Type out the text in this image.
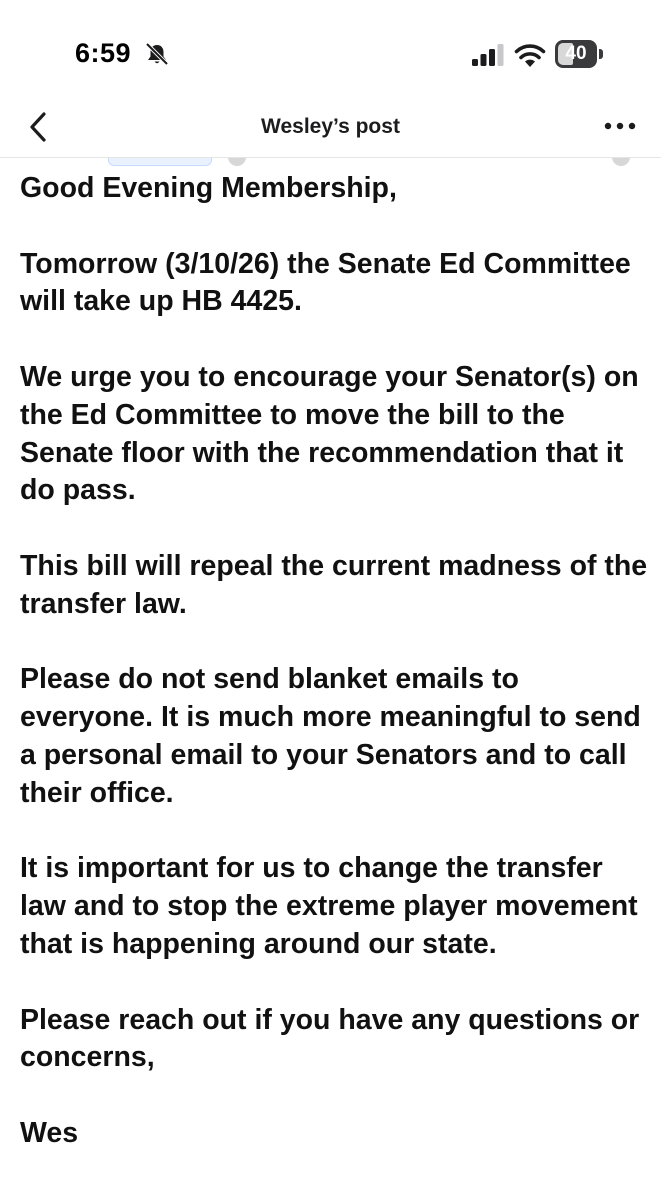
6:59	40
Wesley’s post

Good Evening Membership,

Tomorrow (3/10/26) the Senate Ed Committee will take up HB 4425.

We urge you to encourage your Senator(s) on the Ed Committee to move the bill to the Senate floor with the recommendation that it do pass.

This bill will repeal the current madness of the transfer law.

Please do not send blanket emails to everyone. It is much more meaningful to send a personal email to your Senators and to call their office.

It is important for us to change the transfer law and to stop the extreme player movement that is happening around our state.

Please reach out if you have any questions or concerns,

Wes
